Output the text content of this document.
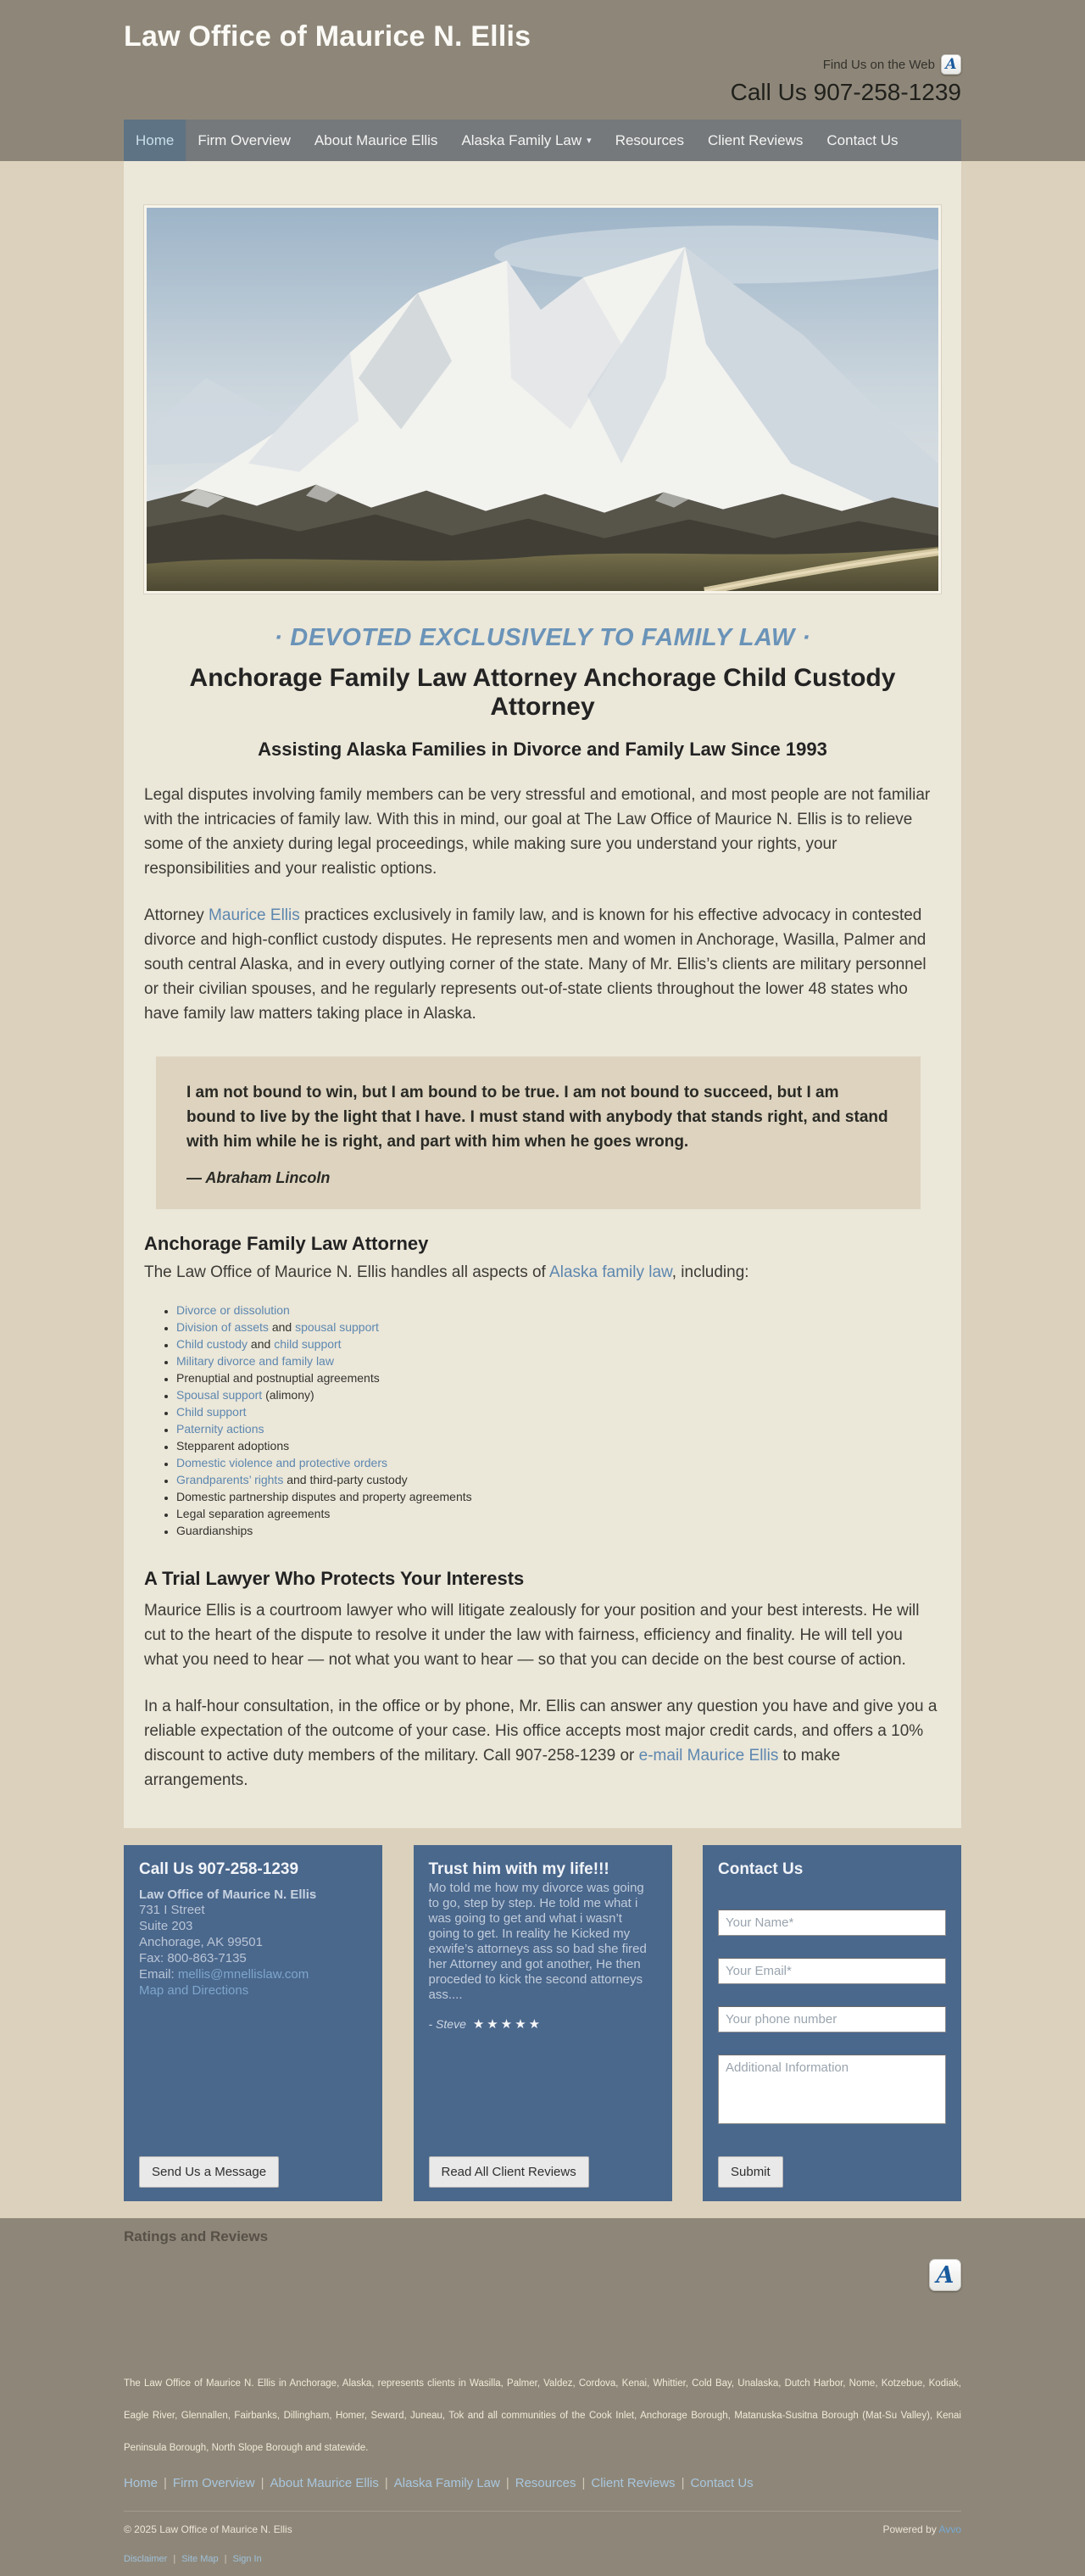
Law Office of Maurice N. Ellis
Find Us on the Web A
Call Us 907-258-1239
Home	Firm Overview	About Maurice Ellis	Alaska Family Law ▾	Resources	Client Reviews	Contact Us
· DEVOTED EXCLUSIVELY TO FAMILY LAW ·
Anchorage Family Law Attorney Anchorage Child Custody Attorney
Assisting Alaska Families in Divorce and Family Law Since 1993

Legal disputes involving family members can be very stressful and emotional, and most people are not familiar with the intricacies of family law. With this in mind, our goal at The Law Office of Maurice N. Ellis is to relieve some of the anxiety during legal proceedings, while making sure you understand your rights, your responsibilities and your realistic options.

Attorney Maurice Ellis practices exclusively in family law, and is known for his effective advocacy in contested divorce and high-conflict custody disputes. He represents men and women in Anchorage, Wasilla, Palmer and south central Alaska, and in every outlying corner of the state. Many of Mr. Ellis’s clients are military personnel or their civilian spouses, and he regularly represents out-of-state clients throughout the lower 48 states who have family law matters taking place in Alaska.

I am not bound to win, but I am bound to be true. I am not bound to succeed, but I am bound to live by the light that I have. I must stand with anybody that stands right, and stand with him while he is right, and part with him when he goes wrong.
— Abraham Lincoln
Anchorage Family Law Attorney

The Law Office of Maurice N. Ellis handles all aspects of Alaska family law, including:

• Divorce or dissolution
• Division of assets and spousal support
• Child custody and child support
• Military divorce and family law
• Prenuptial and postnuptial agreements
• Spousal support (alimony)
• Child support
• Paternity actions
• Stepparent adoptions
• Domestic violence and protective orders
• Grandparents’ rights and third-party custody
• Domestic partnership disputes and property agreements
• Legal separation agreements
• Guardianships
A Trial Lawyer Who Protects Your Interests

Maurice Ellis is a courtroom lawyer who will litigate zealously for your position and your best interests. He will cut to the heart of the dispute to resolve it under the law with fairness, efficiency and finality. He will tell you what you need to hear — not what you want to hear — so that you can decide on the best course of action.

In a half-hour consultation, in the office or by phone, Mr. Ellis can answer any question you have and give you a reliable expectation of the outcome of your case. His office accepts most major credit cards, and offers a 10% discount to active duty members of the military. Call 907-258-1239 or e-mail Maurice Ellis to make arrangements.

Call Us 907-258-1239
Law Office of Maurice N. Ellis
731 I Street
Suite 203
Anchorage, AK 99501
Fax: 800-863-7135
Email: mellis@mnellislaw.com
Map and Directions
Send Us a Message
Trust him with my life!!!

Mo told me how my divorce was going to go, step by step. He told me what i was going to get and what i wasn’t going to get. In reality he Kicked my exwife’s attorneys ass so bad she fired her Attorney and got another, He then proceded to kick the second attorneys ass....

- Steve ★★★★★
Read All Client Reviews
Contact Us
Your Name* Your Email* Your phone number Additional Information
Submit
Ratings and Reviews
A
The Law Office of Maurice N. Ellis in Anchorage, Alaska, represents clients in Wasilla, Palmer, Valdez, Cordova, Kenai, Whittier, Cold Bay, Unalaska, Dutch Harbor, Nome, Kotzebue, Kodiak, Eagle River, Glennallen, Fairbanks, Dillingham, Homer, Seward, Juneau, Tok and all communities of the Cook Inlet, Anchorage Borough, Matanuska-Susitna Borough (Mat-Su Valley), Kenai Peninsula Borough, North Slope Borough and statewide.
Home | Firm Overview | About Maurice Ellis | Alaska Family Law | Resources | Client Reviews | Contact Us
© 2025 Law Office of Maurice N. Ellis	Powered by Avvo
Disclaimer | Site Map | Sign In
